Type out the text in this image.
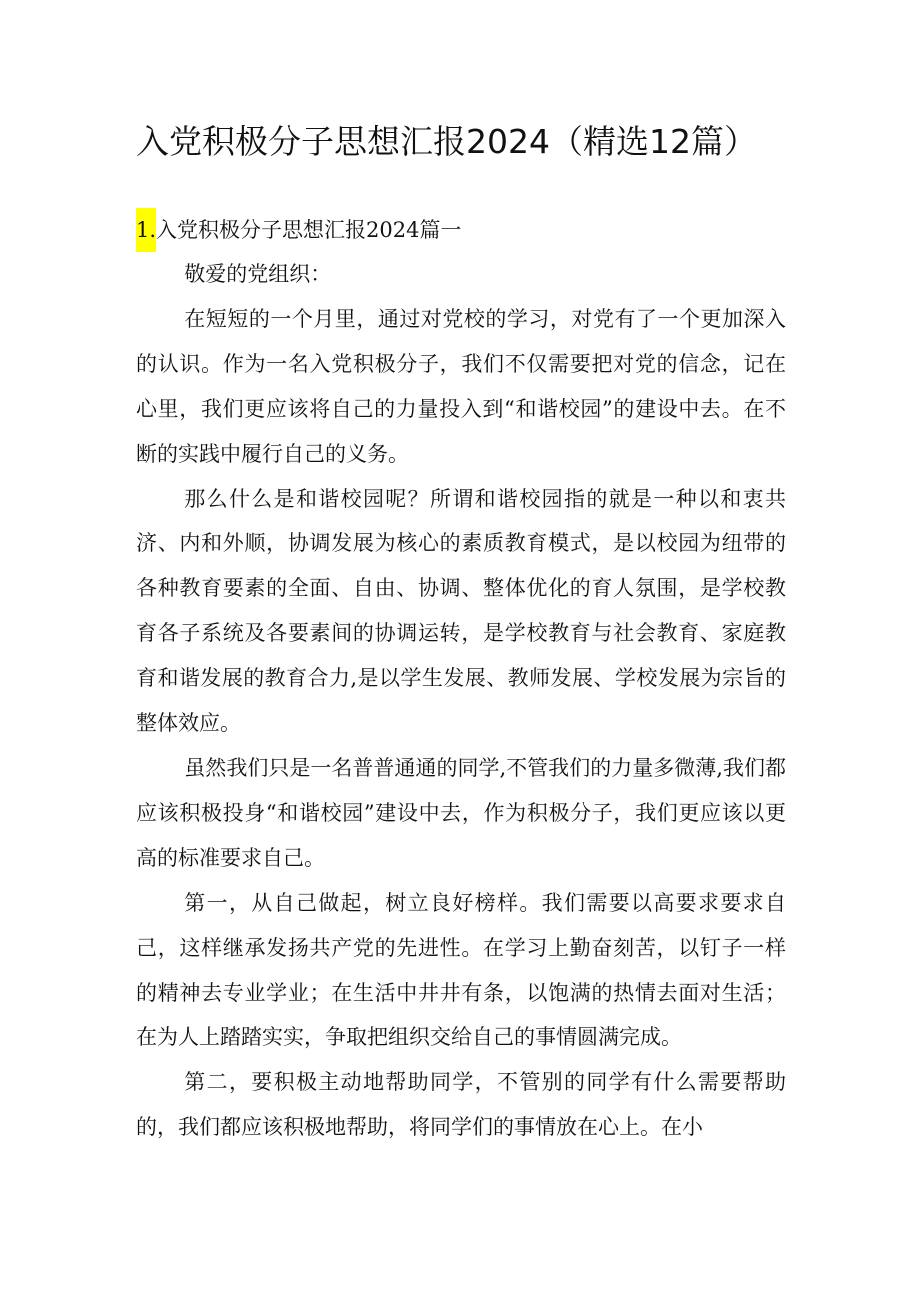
入党积极分子思想汇报2024（精选12篇）
1.入党积极分子思想汇报2024篇一

敬爱的党组织：

在短短的一个月里，通过对党校的学习，对党有了一个更加深入的认识。作为一名入党积极分子，我们不仅需要把对党的信念，记在心里，我们更应该将自己的力量投入到“和谐校园”的建设中去。在不断的实践中履行自己的义务。

那么什么是和谐校园呢？所谓和谐校园指的就是一种以和衷共济、内和外顺，协调发展为核心的素质教育模式，是以校园为纽带的各种教育要素的全面、自由、协调、整体优化的育人氛围，是学校教育各子系统及各要素间的协调运转，是学校教育与社会教育、家庭教育和谐发展的教育合力,是以学生发展、教师发展、学校发展为宗旨的整体效应。

虽然我们只是一名普普通通的同学,不管我们的力量多微薄,我们都应该积极投身“和谐校园”建设中去，作为积极分子，我们更应该以更高的标准要求自己。

第一，从自己做起，树立良好榜样。我们需要以高要求要求自己，这样继承发扬共产党的先进性。在学习上勤奋刻苦，以钉子一样的精神去专业学业；在生活中井井有条，以饱满的热情去面对生活；在为人上踏踏实实，争取把组织交给自己的事情圆满完成。

第二，要积极主动地帮助同学，不管别的同学有什么需要帮助的，我们都应该积极地帮助，将同学们的事情放在心上。在小
